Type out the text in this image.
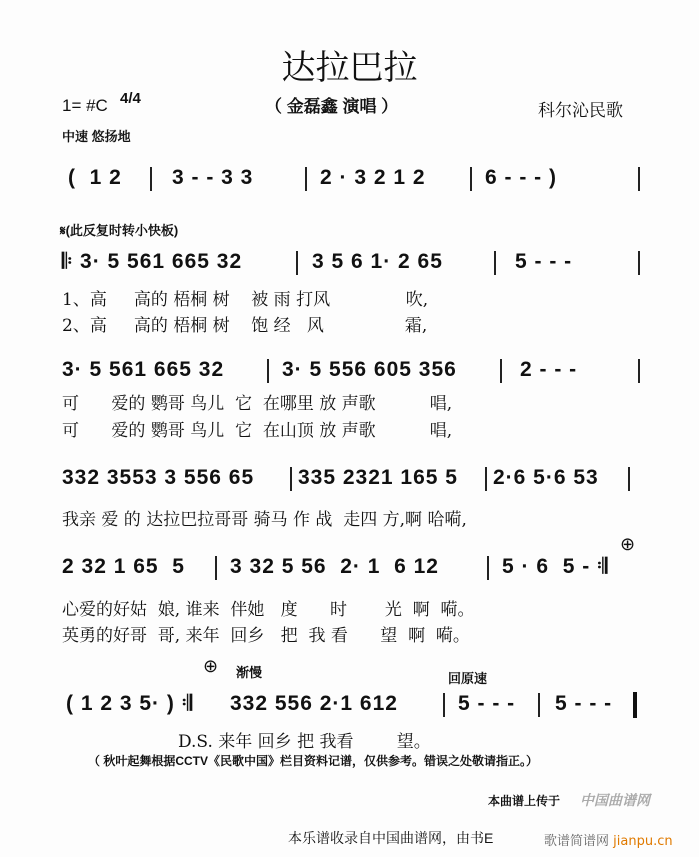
达拉巴拉
1= #C 4/4	（ 金磊鑫 演唱 ）	科尔沁民歌
中速 悠扬地
(  1 2 3 - - 3 3	2 · 3 2 1 2	6 - - - )
𝄋(此反复时转小快板)
𝄆 3· 5 561 665 32	3 5 6 1· 2 65	5 - - -
1、高     高的 梧桐 树    被 雨 打风              吹,
2、高     高的 梧桐 树    饱 经   风               霜,
3· 5 561 665 32	3· 5 556 605 356	2 - - -
可      爱的 鹦哥 鸟儿  它  在哪里 放 声歌          唱,
可      爱的 鹦哥 鸟儿  它  在山顶 放 声歌          唱,
332 3553 3 556 65 335 2321 165 5 2·6 5·6 53
我亲 爱 的 达拉巴拉哥哥 骑马 作 战  走四 方,啊 哈嗬,
2 32 1 65  5 3 32 5 56  2· 1  6 12	5 · 6  5 - 𝄇
⊕
心爱的好姑  娘, 谁来  伴她   度      时       光  啊  嗬。
英勇的好哥  哥, 来年  回乡   把  我 看      望  啊  嗬。
⊕ 渐慢	回原速
( 1 2 3 5· ) 𝄇 332 556 2·1 612	5 - - - 5 - - -
D.S. 来年 回乡 把 我看        望。
（ 秋叶起舞根据CCTV《民歌中国》栏目资料记谱，仅供参考。错误之处敬请指正。）
本曲谱上传于 中国曲谱网
本乐谱收录自中国曲谱网，由书E	歌谱简谱网 jianpu.cn
